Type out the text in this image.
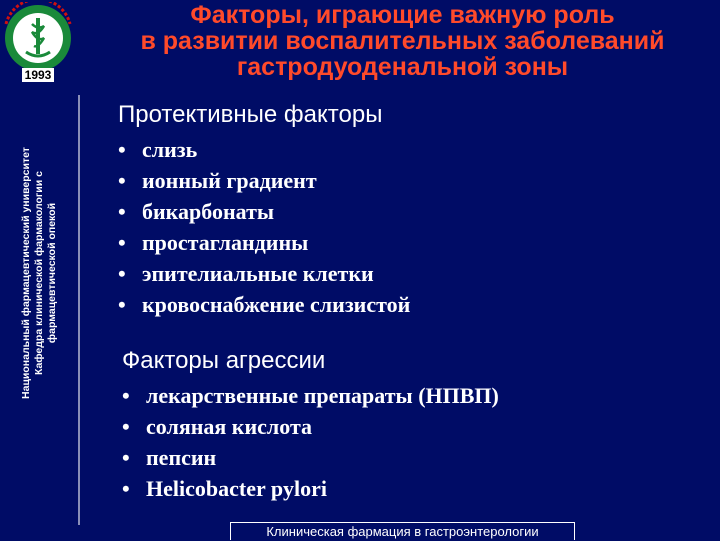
1993
Национальный фармацевтический университет Кафедра клинической фармакологии с фармацевтической опекой
Факторы, играющие важную роль
в развитии воспалительных заболеваний
гастродуоденальной зоны
Протективные факторы
• слизь
• ионный градиент
• бикарбонаты
• простагландины
• эпителиальные клетки
• кровоснабжение слизистой
Факторы агрессии
• лекарственные препараты (НПВП)
• соляная кислота
• пепсин
• Helicobacter pylori
Клиническая фармация в гастроэнтерологии
